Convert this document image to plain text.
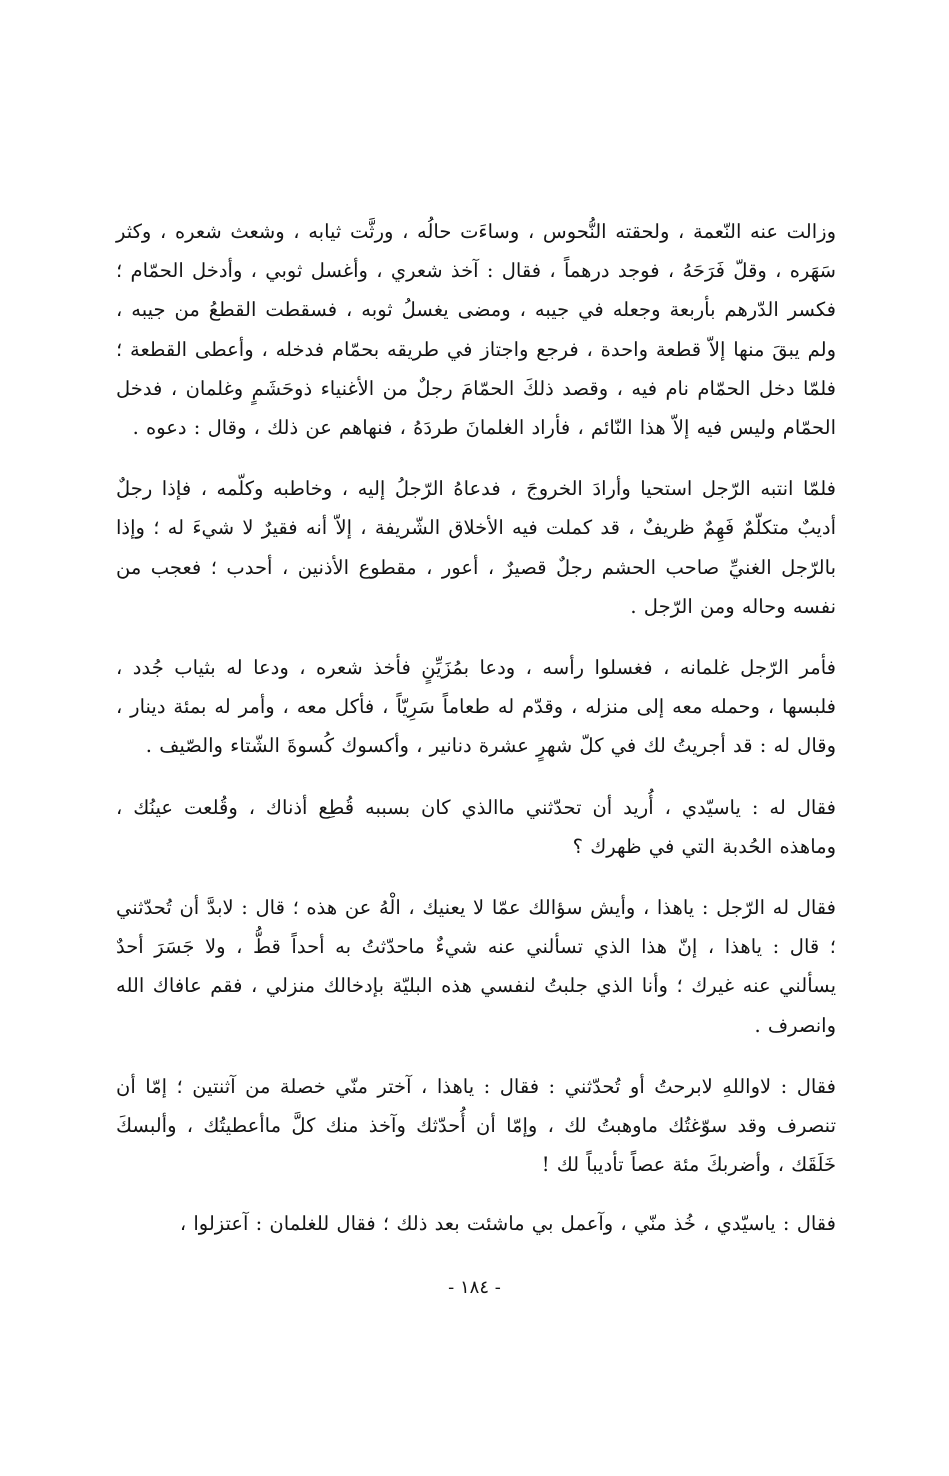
وزالت عنه النّعمة ، ولحقته النُّحوس ، وساءَت حالُه ، ورثَّت ثيابه ، وشعث شعره ، وكثر سَهَره ، وقلّ فَرَحَهُ ، فوجد درهماً ، فقال : آخذ شعري ، وأغسل ثوبي ، وأدخل الحمّام ؛ فكسر الدّرهم بأربعة وجعله في جيبه ، ومضى يغسلُ ثوبه ، فسقطت القطعُ من جيبه ، ولم يبقَ منها إلاّ قطعة واحدة ، فرجع واجتاز في طريقه بحمّام فدخله ، وأعطى القطعة ؛ فلمّا دخل الحمّام نام فيه ، وقصد ذلكَ الحمّامَ رجلٌ من الأغنياء ذوحَشَمٍ وغلمان ، فدخل الحمّام وليس فيه إلاّ هذا النّائم ، فأراد الغلمانَ طردَهُ ، فنهاهم عن ذلك ، وقال : دعوه .

فلمّا انتبه الرّجل استحيا وأرادَ الخروجَ ، فدعاهُ الرّجلُ إليه ، وخاطبه وكلّمه ، فإذا رجلٌ أديبٌ متكلّمٌ فَهِمٌ ظريفٌ ، قد كملت فيه الأخلاق الشّريفة ، إلاّ أنه فقيرٌ لا شيءَ له ؛ وإذا بالرّجل الغنيِّ صاحب الحشم رجلٌ قصيرٌ ، أعور ، مقطوع الأذنين ، أحدب ؛ فعجب من نفسه وحاله ومن الرّجل .

فأمر الرّجل غلمانه ، فغسلوا رأسه ، ودعا بمُزَيِّنٍ فأخذ شعره ، ودعا له بثياب جُدد ، فلبسها ، وحمله معه إلى منزله ، وقدّم له طعاماً سَرِيّاً ، فأكل معه ، وأمر له بمئة دينار ، وقال له : قد أجريتُ لك في كلّ شهرٍ عشرة دنانير ، وأكسوك كُسوةَ الشّتاء والصّيف .

فقال له : ياسيّدي ، أُريد أن تحدّثني ماالذي كان بسببه قُطِع أذناك ، وقُلعت عينُك ، وماهذه الحُدبة التي في ظهرك ؟

فقال له الرّجل : ياهذا ، وأيش سؤالك عمّا لا يعنيك ، الْهُ عن هذه ؛ قال : لابدَّ أن تُحدّثني ؛ قال : ياهذا ، إنّ هذا الذي تسألني عنه شيءٌ ماحدّثتُ به أحداً قطُّ ، ولا جَسَرَ أحدٌ يسألني عنه غيرك ؛ وأنا الذي جلبتُ لنفسي هذه البليّة بإدخالك منزلي ، فقم عافاك الله وانصرف .

فقال : لاواللهِ لابرحتُ أو تُحدّثني : فقال : ياهذا ، آختر منّي خصلة من آثنتين ؛ إمّا أن تنصرف وقد سوّغتُك ماوهبتُ لك ، وإمّا أن أُحدّثك وآخذ منك كلَّ ماأعطيتُك ، وألبسكَ خَلَقَك ، وأضربكَ مئة عصاً تأديباً لك !

فقال : ياسيّدي ، خُذ منّي ، وآعمل بي ماشئت بعد ذلك ؛ فقال للغلمان : آعتزلوا ،

- ١٨٤ -
